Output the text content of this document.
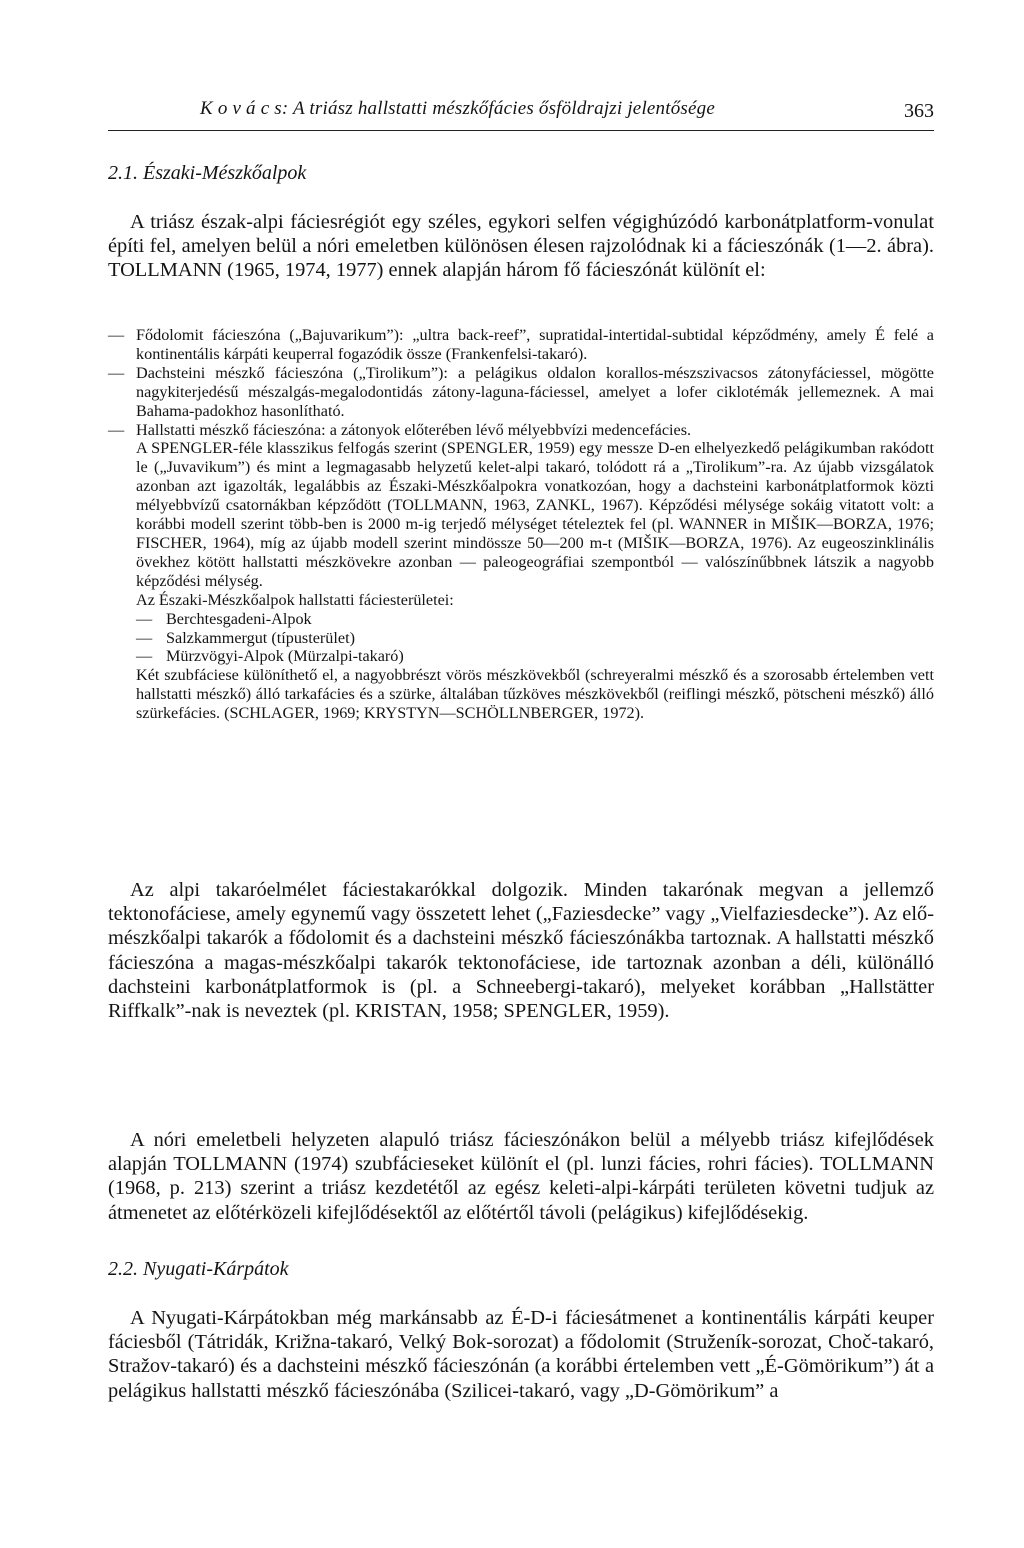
K o v á c s: A triász hallstatti mészkőfácies ősföldrajzi jelentősége	363
2.1. Északi-Mészkőalpok

A triász észak-alpi fáciesrégiót egy széles, egykori selfen végighúzódó karbonátplatform-vonulat építi fel, amelyen belül a nóri emeletben különösen élesen rajzolódnak ki a fácieszónák (1—2. ábra). TOLLMANN (1965, 1974, 1977) ennek alapján három fő fácieszónát különít el:

— Fődolomit fácieszóna („Bajuvarikum”): „ultra back-reef”, supratidal-intertidal-subtidal képződmény, amely É felé a kontinentális kárpáti keuperral fogazódik össze (Frankenfelsi-takaró).

— Dachsteini mészkő fácieszóna („Tirolikum”): a pelágikus oldalon korallos-mészszivacsos zátonyfáciessel, mögötte nagykiterjedésű mészalgás-megalodontidás zátony-laguna-fáciessel, amelyet a lofer ciklotémák jellemeznek. A mai Bahama-padokhoz hasonlítható.

— Hallstatti mészkő fácieszóna: a zátonyok előterében lévő mélyebbvízi medencefácies.

A SPENGLER-féle klasszikus felfogás szerint (SPENGLER, 1959) egy messze D-en elhelyezkedő pelágikumban rakódott le („Juvavikum”) és mint a legmagasabb helyzetű kelet-alpi takaró, tolódott rá a „Tirolikum”-ra. Az újabb vizsgálatok azonban azt igazolták, legalábbis az Északi-Mészkőalpokra vonatkozóan, hogy a dachsteini karbonátplatformok közti mélyebbvízű csatornákban képződött (TOLLMANN, 1963, ZANKL, 1967). Képződési mélysége sokáig vitatott volt: a korábbi modell szerint több-ben is 2000 m-ig terjedő mélységet tételeztek fel (pl. WANNER in MIŠIK—BORZA, 1976; FISCHER, 1964), míg az újabb modell szerint mindössze 50—200 m-t (MIŠIK—BORZA, 1976). Az eugeoszinklinális övekhez kötött hallstatti mészkövekre azonban — paleogeográfiai szempontból — valószínűbbnek látszik a nagyobb képződési mélység.

Az Északi-Mészkőalpok hallstatti fáciesterületei:

— Berchtesgadeni-Alpok

— Salzkammergut (típusterület)

— Mürzvögyi-Alpok (Mürzalpi-takaró)

Két szubfáciese különíthető el, a nagyobbrészt vörös mészkövekből (schreyeralmi mészkő és a szorosabb értelemben vett hallstatti mészkő) álló tarkafácies és a szürke, általában tűzköves mészkövekből (reiflingi mészkő, pötscheni mészkő) álló szürkefácies. (SCHLAGER, 1969; KRYSTYN—SCHÖLLNBERGER, 1972).

Az alpi takaróelmélet fáciestakarókkal dolgozik. Minden takarónak megvan a jellemző tektonofáciese, amely egynemű vagy összetett lehet („Faziesdecke” vagy „Vielfaziesdecke”). Az elő-mészkőalpi takarók a fődolomit és a dachsteini mészkő fácieszónákba tartoznak. A hallstatti mészkő fácieszóna a magas-mészkőalpi takarók tektonofáciese, ide tartoznak azonban a déli, különálló dachsteini karbonátplatformok is (pl. a Schneebergi-takaró), melyeket korábban „Hallstätter Riffkalk”-nak is neveztek (pl. KRISTAN, 1958; SPENGLER, 1959).

A nóri emeletbeli helyzeten alapuló triász fácieszónákon belül a mélyebb triász kifejlődések alapján TOLLMANN (1974) szubfácieseket különít el (pl. lunzi fácies, rohri fácies). TOLLMANN (1968, p. 213) szerint a triász kezdetétől az egész keleti-alpi-kárpáti területen követni tudjuk az átmenetet az előtérközeli kifejlődésektől az előtértől távoli (pelágikus) kifejlődésekig.

2.2. Nyugati-Kárpátok

A Nyugati-Kárpátokban még markánsabb az É-D-i fáciesátmenet a kontinentális kárpáti keuper fáciesből (Tátridák, Križna-takaró, Velký Bok-sorozat) a fődolomit (Struženík-sorozat, Choč-takaró, Stražov-takaró) és a dachsteini mészkő fácieszónán (a korábbi értelemben vett „É-Gömörikum”) át a pelágikus hallstatti mészkő fácieszónába (Szilicei-takaró, vagy „D-Gömörikum” a
